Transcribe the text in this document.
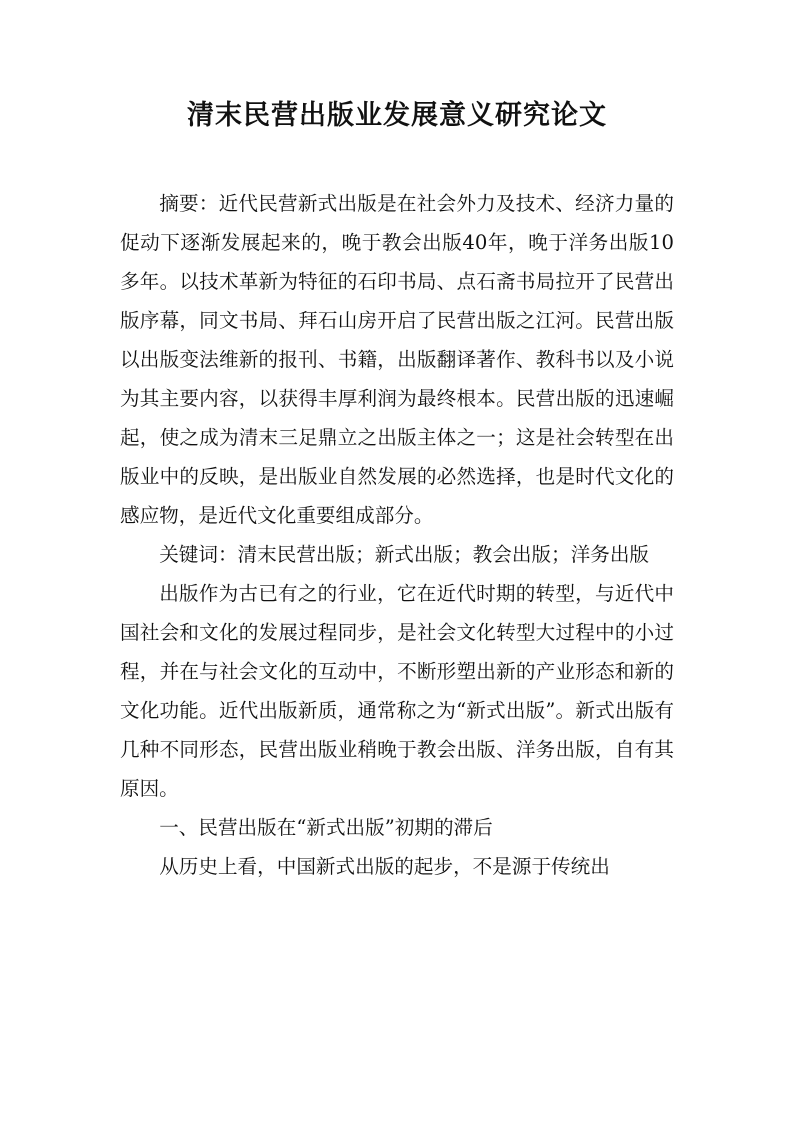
清末民营出版业发展意义研究论文

摘要：近代民营新式出版是在社会外力及技术、经济力量的促动下逐渐发展起来的，晚于教会出版40年，晚于洋务出版10多年。以技术革新为特征的石印书局、点石斋书局拉开了民营出版序幕，同文书局、拜石山房开启了民营出版之江河。民营出版以出版变法维新的报刊、书籍，出版翻译著作、教科书以及小说为其主要内容，以获得丰厚利润为最终根本。民营出版的迅速崛起，使之成为清末三足鼎立之出版主体之一；这是社会转型在出版业中的反映，是出版业自然发展的必然选择，也是时代文化的感应物，是近代文化重要组成部分。

关键词：清末民营出版；新式出版；教会出版；洋务出版

出版作为古已有之的行业，它在近代时期的转型，与近代中国社会和文化的发展过程同步，是社会文化转型大过程中的小过程，并在与社会文化的互动中，不断形塑出新的产业形态和新的文化功能。近代出版新质，通常称之为“新式出版”。新式出版有几种不同形态，民营出版业稍晚于教会出版、洋务出版，自有其原因。

一、民营出版在“新式出版”初期的滞后

从历史上看，中国新式出版的起步，不是源于传统出
